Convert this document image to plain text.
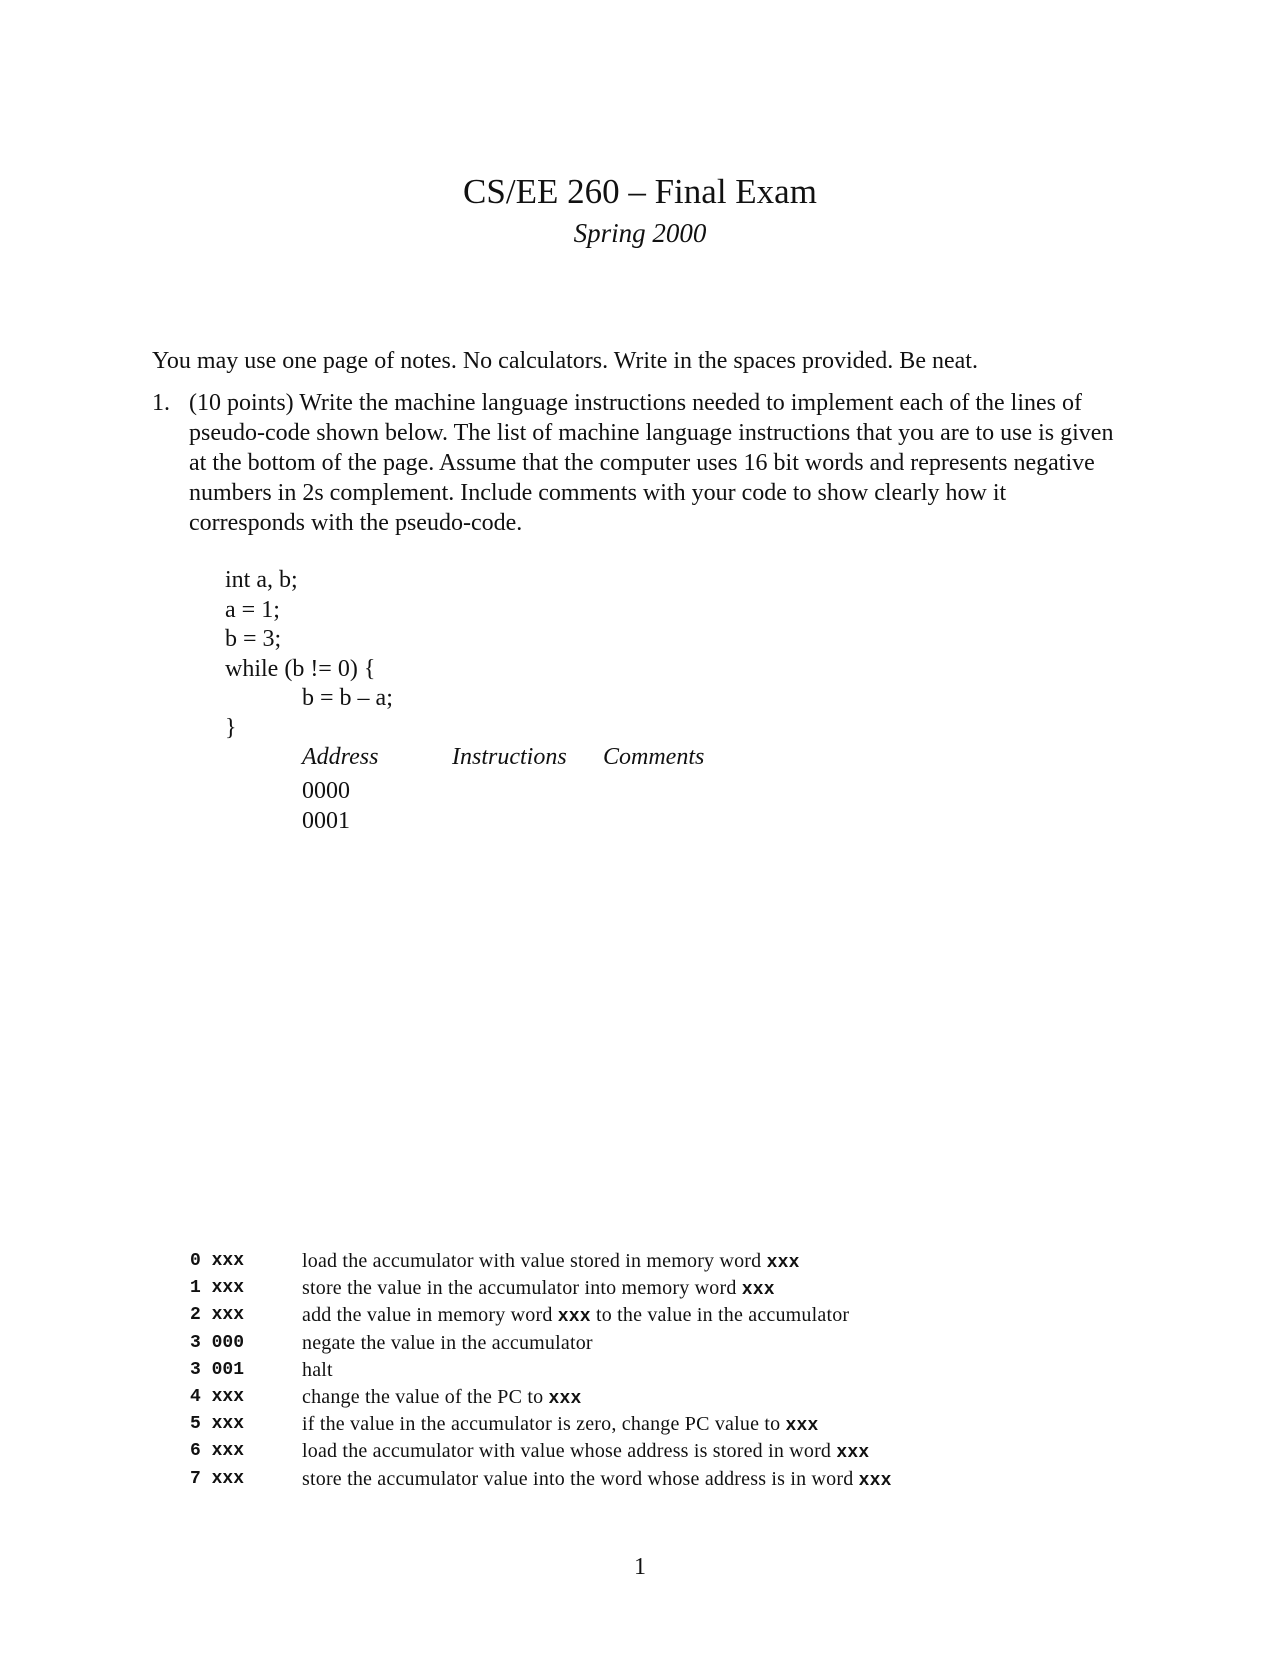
CS/EE 260 – Final Exam
Spring 2000
You may use one page of notes. No calculators. Write in the spaces provided. Be neat.
1. (10 points) Write the machine language instructions needed to implement each of the lines of pseudo-code shown below. The list of machine language instructions that you are to use is given at the bottom of the page. Assume that the computer uses 16 bit words and represents negative numbers in 2s complement. Include comments with your code to show clearly how it corresponds with the pseudo-code.
int a, b;
a = 1;
b = 3;
while (b != 0) {
b = b – a;
}
Address	Instructions Comments
0000
0001
0 xxx	load the accumulator with value stored in memory word xxx
1 xxx	store the value in the accumulator into memory word xxx
2 xxx	add the value in memory word xxx to the value in the accumulator
3 000	negate the value in the accumulator
3 001	halt
4 xxx	change the value of the PC to xxx
5 xxx	if the value in the accumulator is zero, change PC value to xxx
6 xxx	load the accumulator with value whose address is stored in word xxx
7 xxx	store the accumulator value into the word whose address is in word xxx
1
